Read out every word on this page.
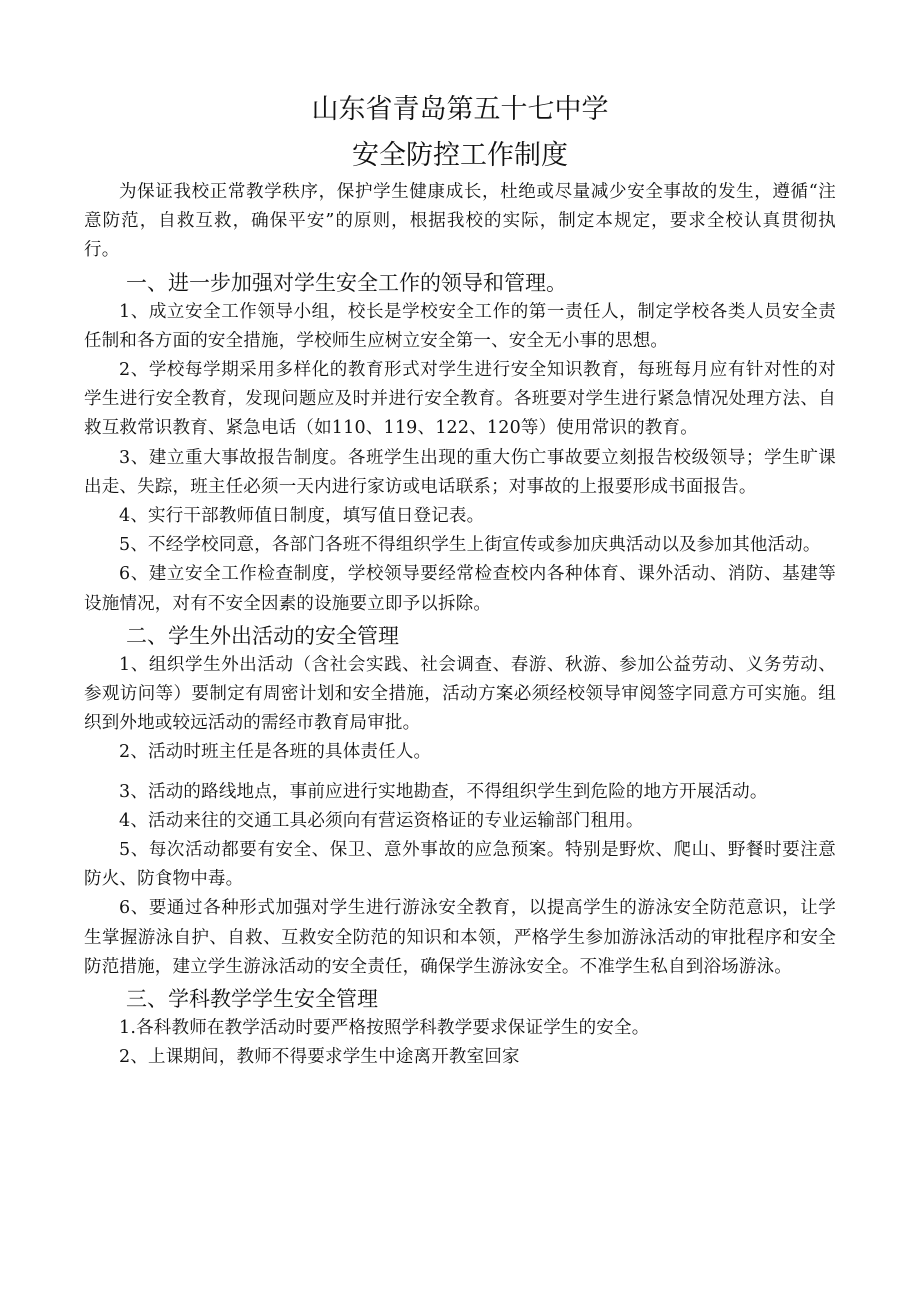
山东省青岛第五十七中学
安全防控工作制度

为保证我校正常教学秩序，保护学生健康成长，杜绝或尽量减少安全事故的发生，遵循“注意防范，自救互救，确保平安”的原则，根据我校的实际，制定本规定，要求全校认真贯彻执行。

一、进一步加强对学生安全工作的领导和管理。

1、成立安全工作领导小组，校长是学校安全工作的第一责任人，制定学校各类人员安全责任制和各方面的安全措施，学校师生应树立安全第一、安全无小事的思想。

2、学校每学期采用多样化的教育形式对学生进行安全知识教育，每班每月应有针对性的对学生进行安全教育，发现问题应及时并进行安全教育。各班要对学生进行紧急情况处理方法、自救互救常识教育、紧急电话（如110、119、122、120等）使用常识的教育。

3、建立重大事故报告制度。各班学生出现的重大伤亡事故要立刻报告校级领导；学生旷课出走、失踪，班主任必须一天内进行家访或电话联系；对事故的上报要形成书面报告。

4、实行干部教师值日制度，填写值日登记表。

5、不经学校同意，各部门各班不得组织学生上街宣传或参加庆典活动以及参加其他活动。

6、建立安全工作检查制度，学校领导要经常检查校内各种体育、课外活动、消防、基建等设施情况，对有不安全因素的设施要立即予以拆除。

二、学生外出活动的安全管理

1、组织学生外出活动（含社会实践、社会调查、春游、秋游、参加公益劳动、义务劳动、参观访问等）要制定有周密计划和安全措施，活动方案必须经校领导审阅签字同意方可实施。组织到外地或较远活动的需经市教育局审批。

2、活动时班主任是各班的具体责任人。

3、活动的路线地点，事前应进行实地勘查，不得组织学生到危险的地方开展活动。

4、活动来往的交通工具必须向有营运资格证的专业运输部门租用。

5、每次活动都要有安全、保卫、意外事故的应急预案。特别是野炊、爬山、野餐时要注意防火、防食物中毒。

6、要通过各种形式加强对学生进行游泳安全教育，以提高学生的游泳安全防范意识，让学生掌握游泳自护、自救、互救安全防范的知识和本领，严格学生参加游泳活动的审批程序和安全防范措施，建立学生游泳活动的安全责任，确保学生游泳安全。不准学生私自到浴场游泳。

三、学科教学学生安全管理

1.各科教师在教学活动时要严格按照学科教学要求保证学生的安全。

2、上课期间，教师不得要求学生中途离开教室回家
